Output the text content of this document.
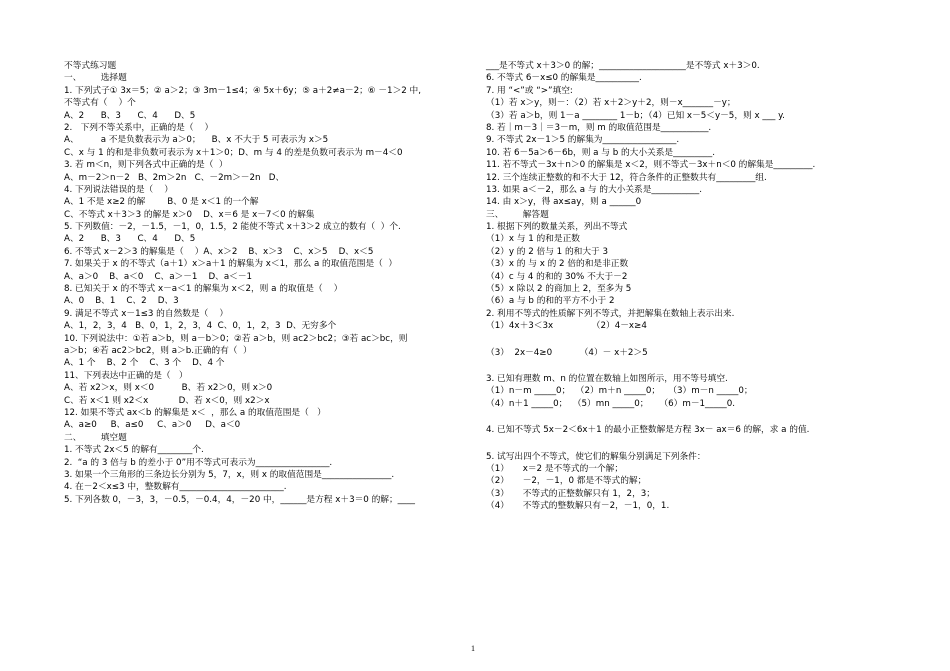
不等式练习题
一、       选择题
1. 下列式子① 3x＝5；② a＞2；③ 3m－1≤4；④ 5x＋6y；⑤ a＋2≠a－2；⑥ －1＞2 中,
不等式有（    ）个
A、2      B、3      C、4      D、5
2.   下列不等关系中，正确的是（    ）
A、        a 不是负数表示为 a＞0；    B、x 不大于 5 可表示为 x＞5
C、x 与 1 的和是非负数可表示为 x＋1＞0；D、m 与 4 的差是负数可表示为 m－4＜0
3. 若 m＜n，则下列各式中正确的是（  ）
A、m－2＞n－2   B、2m＞2n   C、－2m＞－2n   D、
4. 下列说法错误的是（    ）
A、1 不是 x≥2 的解        B、0 是 x＜1 的一个解
C、不等式 x＋3＞3 的解是 x＞0    D、x＝6 是 x－7＜0 的解集
5. 下列数值：－2，－1.5，－1，0，1.5，2 能使不等式 x＋3＞2 成立的数有（  ）个.
A、2      B、3      C、4      D、5
6. 不等式 x－2＞3 的解集是（    ）A、x＞2    B、x＞3    C、x＞5    D、x＜5
7. 如果关于 x 的不等式（a＋1）x＞a＋1 的解集为 x＜1，那么 a 的取值范围是（  ）
A、a＞0    B、a＜0    C、a＞－1    D、a＜－1
8. 已知关于 x 的不等式 x－a＜1 的解集为 x＜2，则 a 的取值是（    ）
A、0    B、1    C、2    D、3
9. 满足不等式 x－1≤3 的自然数是（    ）
A、1，2，3，4   B、0，1，2，3，4  C、0，1，2，3  D、无穷多个
10. 下列说法中：①若 a＞b，则 a－b＞0；②若 a＞b，则 ac2＞bc2；③若 ac＞bc，则
a＞b；④若 ac2＞bc2，则 a＞b.正确的有（  ）
A、1 个    B、2 个    C、3 个    D、4 个
11、下列表达中正确的是（   ）
A、若 x2＞x，则 x＜0          B、若 x2＞0，则 x＞0
C、若 x＜1 则 x2＜x           D、若 x＜0，则 x2＞x
12. 如果不等式 ax＜b 的解集是 x＜  ，那么 a 的取值范围是（   ）
A、a≥0     B、a≤0     C、a＞0     D、a＜0
二、       填空题
1. 不等式 2x＜5 的解有________个.
2.  “a 的 3 倍与 b 的差小于 0”用不等式可表示为_________________.
3. 如果一个三角形的三条边长分别为 5，7，x，则 x 的取值范围是________________.
4. 在－2＜x≤3 中，整数解有________________________.
5. 下列各数 0，－3，3，－0.5，－0.4，4，－20 中，______是方程 x＋3＝0 的解；____
___是不等式 x＋3＞0 的解；____________________是不等式 x＋3＞0.
6. 不等式 6－x≤0 的解集是__________.
7. 用 “<”或 “>”填空:
（1）若 x＞y，则－：（2）若 x＋2＞y＋2，则－x_______－y；
（3）若 a＞b，则 1－a ________ 1－b；（4）已知 x－5＜y－5，则 x ___ y.
8. 若｜m－3｜＝3－m，则 m 的取值范围是___________.
9. 不等式 2x－1＞5 的解集为_________________.
10. 若 6－5a＞6－6b，则 a 与 b 的大小关系是_________.
11. 若不等式－3x＋n＞0 的解集是 x＜2，则不等式－3x＋n＜0 的解集是_________.
12. 三个连续正整数的和不大于 12，符合条件的正整数共有_________组.
13. 如果 a＜－2，那么 a 与 的大小关系是___________.
14. 由 x＞y，得 ax≤ay，则 a ______0
三、       解答题
1. 根据下列的数量关系，列出不等式
（1）x 与 1 的和是正数
（2）y 的 2 倍与 1 的和大于 3
（3）x 的 与 x 的 2 倍的和是非正数
（4）c 与 4 的和的 30% 不大于－2
（5）x 除以 2 的商加上 2，至多为 5
（6）a 与 b 的和的平方不小于 2
2. 利用不等式的性质解下列不等式，并把解集在数轴上表示出来.
（1）4x＋3＜3x              （2）4－x≥4
（3）  2x－4≥0          （4）－ x＋2＞5
3. 已知有理数 m、n 的位置在数轴上如图所示，用不等号填空.
（1）n－m _____0；  （2）m＋n _____0；   （3）m－n _____0；
（4）n＋1 _____0；  （5）mn _____0；    （6）m－1_____0.
4. 已知不等式 5x－2＜6x＋1 的最小正整数解是方程 3x－ ax＝6 的解，求 a 的值.
5. 试写出四个不等式，使它们的解集分别满足下列条件：
（1）     x＝2 是不等式的一个解；
（2）     －2，－1，0 都是不等式的解；
（3）     不等式的正整数解只有 1，2，3；
（4）     不等式的整数解只有－2，－1，0，1.
1
